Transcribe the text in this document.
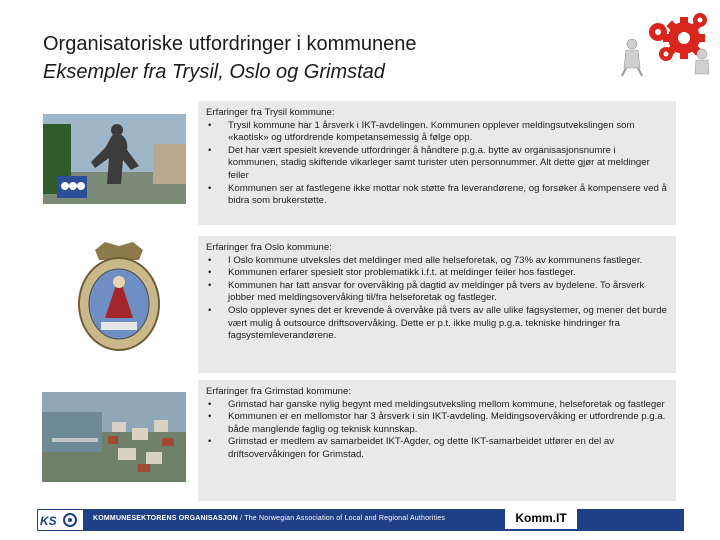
Organisatoriske utfordringer i kommunene
Eksempler fra Trysil, Oslo og Grimstad
Erfaringer fra Trysil kommune:
• Trysil kommune har 1 årsverk i IKT-avdelingen. Kommunen opplever meldingsutvekslingen som «kaotisk» og utfordrende kompetansemessig å følge opp.
• Det har vært spesielt krevende utfordringer å håndtere p.g.a. bytte av organisasjonsnumre i kommunen, stadig skiftende vikarleger samt turister uten personnummer. Alt dette gjør at meldinger feiler
• Kommunen ser at fastlegene ikke mottar nok støtte fra leverandørene, og forsøker å kompensere ved å bidra som brukerstøtte.
Erfaringer fra Oslo kommune:
• I Oslo kommune utveksles det meldinger med alle helseforetak, og 73% av kommunens fastleger.
• Kommunen erfarer spesielt stor problematikk i.f.t. at meldinger feiler hos fastleger.
• Kommunen har tatt ansvar for overvåking på dagtid av meldinger på tvers av bydelene. To årsverk jobber med meldingsovervåking til/fra helseforetak og fastleger.
• Oslo opplever synes det er krevende å overvåke på tvers av alle ulike fagsystemer, og mener det burde vært mulig å outsource driftsovervåking. Dette er p.t. ikke mulig p.g.a. tekniske hindringer fra fagsystemleverandørene.
Erfaringer fra Grimstad kommune:
• Grimstad har ganske nylig begynt med meldingsutveksling mellom kommune, helseforetak og fastleger
• Kommunen er en mellomstor har 3 årsverk i sin IKT-avdeling. Meldingsovervåking er utfordrende p.g.a. både manglende faglig og teknisk kunnskap.
• Grimstad er medlem av samarbeidet IKT-Agder, og dette IKT-samarbeidet utfører en del av driftsovervåkingen for Grimstad.
KS	KOMMUNESEKTORENS ORGANISASJON / The Norwegian Association of Local and Regional Authorities	Komm.IT
